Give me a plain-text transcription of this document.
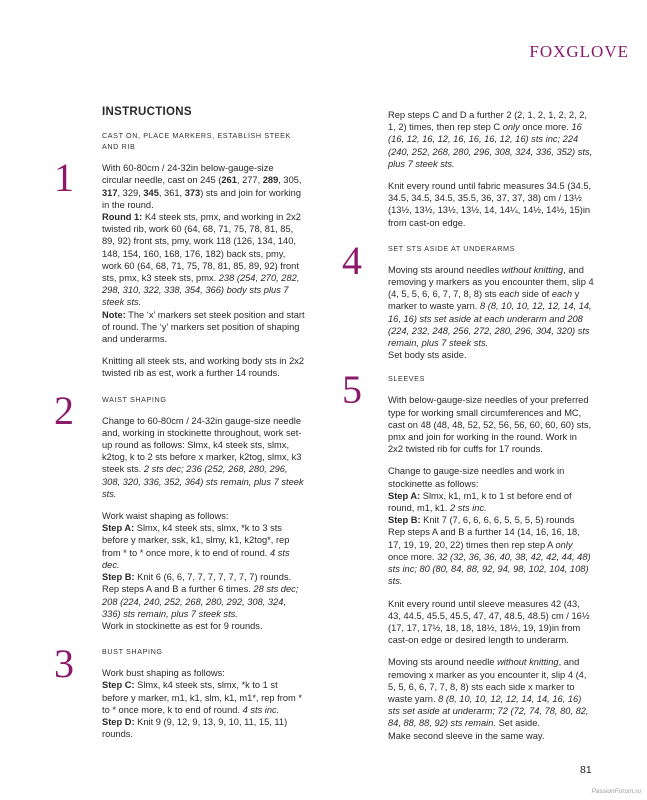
FOXGLOVE
INSTRUCTIONS
1
CAST ON, PLACE MARKERS, ESTABLISH STEEK
AND RIB

With 60-80cm / 24-32in below-gauge-size circular needle, cast on 245 (261, 277, 289, 305, 317, 329, 345, 361, 373) sts and join for working in the round.
Round 1: K4 steek sts, pmx, and working in 2x2 twisted rib, work 60 (64, 68, 71, 75, 78, 81, 85, 89, 92) front sts, pmy, work 118 (126, 134, 140, 148, 154, 160, 168, 176, 182) back sts, pmy, work 60 (64, 68, 71, 75, 78, 81, 85, 89, 92) front sts, pmx, k3 steek sts, pmx. 238 (254, 270, 282, 298, 310, 322, 338, 354, 366) body sts plus 7 steek sts.
Note: The ‘x’ markers set steek position and start of round. The ‘y’ markers set position of shaping and underarms.

Knitting all steek sts, and working body sts in 2x2 twisted rib as est, work a further 14 rounds.

2	WAIST SHAPING

Change to 60-80cm / 24-32in gauge-size needle and, working in stockinette throughout, work set-up round as follows: Slmx, k4 steek sts, slmx, k2tog, k to 2 sts before x marker, k2tog, slmx, k3 steek sts. 2 sts dec; 236 (252, 268, 280, 296, 308, 320, 336, 352, 364) sts remain, plus 7 steek sts.

Work waist shaping as follows:
Step A: Slmx, k4 steek sts, slmx, *k to 3 sts before y marker, ssk, k1, slmy, k1, k2tog*, rep from * to * once more, k to end of round. 4 sts dec.
Step B: Knit 6 (6, 6, 7, 7, 7, 7, 7, 7, 7) rounds.
Rep steps A and B a further 6 times. 28 sts dec; 208 (224, 240, 252, 268, 280, 292, 308, 324, 336) sts remain, plus 7 steek sts.
Work in stockinette as est for 9 rounds.

3	BUST SHAPING

Work bust shaping as follows:
Step C: Slmx, k4 steek sts, slmx, *k to 1 st before y marker, m1, k1, slm, k1, m1*, rep from * to * once more, k to end of round. 4 sts inc.
Step D: Knit 9 (9, 12, 9, 13, 9, 10, 11, 15, 11) rounds.

Rep steps C and D a further 2 (2, 1, 2, 1, 2, 2, 2, 1, 2) times, then rep step C only once more. 16 (16, 12, 16, 12, 16, 16, 16, 12, 16) sts inc; 224 (240, 252, 268, 280, 296, 308, 324, 336, 352) sts, plus 7 steek sts.

Knit every round until fabric measures 34.5 (34.5, 34.5, 34.5, 34.5, 35.5, 36, 37, 37, 38) cm / 13½ (13½, 13½, 13½, 13½, 14, 14¼, 14½, 14½, 15)in from cast-on edge.

4	SET STS ASIDE AT UNDERARMS

Moving sts around needles without knitting, and removing y markers as you encounter them, slip 4 (4, 5, 5, 6, 6, 7, 7, 8, 8) sts each side of each y marker to waste yarn. 8 (8, 10, 10, 12, 12, 14, 14, 16, 16) sts set aside at each underarm and 208 (224, 232, 248, 256, 272, 280, 296, 304, 320) sts remain, plus 7 steek sts.
Set body sts aside.

5	SLEEVES

With below-gauge-size needles of your preferred type for working small circumferences and MC, cast on 48 (48, 48, 52, 52, 56, 56, 60, 60, 60) sts, pmx and join for working in the round. Work in 2x2 twisted rib for cuffs for 17 rounds.

Change to gauge-size needles and work in stockinette as follows:
Step A: Slmx, k1, m1, k to 1 st before end of round, m1, k1. 2 sts inc.
Step B: Knit 7 (7, 6, 6, 6, 6, 5, 5, 5, 5) rounds
Rep steps A and B a further 14 (14, 16, 16, 18, 17, 19, 19, 20, 22) times then rep step A only once more. 32 (32, 36, 36, 40, 38, 42, 42, 44, 48) sts inc; 80 (80, 84, 88, 92, 94, 98, 102, 104, 108) sts.

Knit every round until sleeve measures 42 (43, 43, 44.5, 45.5, 45.5, 47, 47, 48.5, 48.5) cm / 16½ (17, 17, 17½, 18, 18, 18½, 18½, 19, 19)in from cast-on edge or desired length to underarm.

Moving sts around needle without knitting, and removing x marker as you encounter it, slip 4 (4, 5, 5, 6, 6, 7, 7, 8, 8) sts each side x marker to waste yarn. 8 (8, 10, 10, 12, 12, 14, 14, 16, 16) sts set aside at underarm; 72 (72, 74, 78, 80, 82, 84, 88, 88, 92) sts remain. Set aside.
Make second sleeve in the same way.

81
PassionForum.ru
